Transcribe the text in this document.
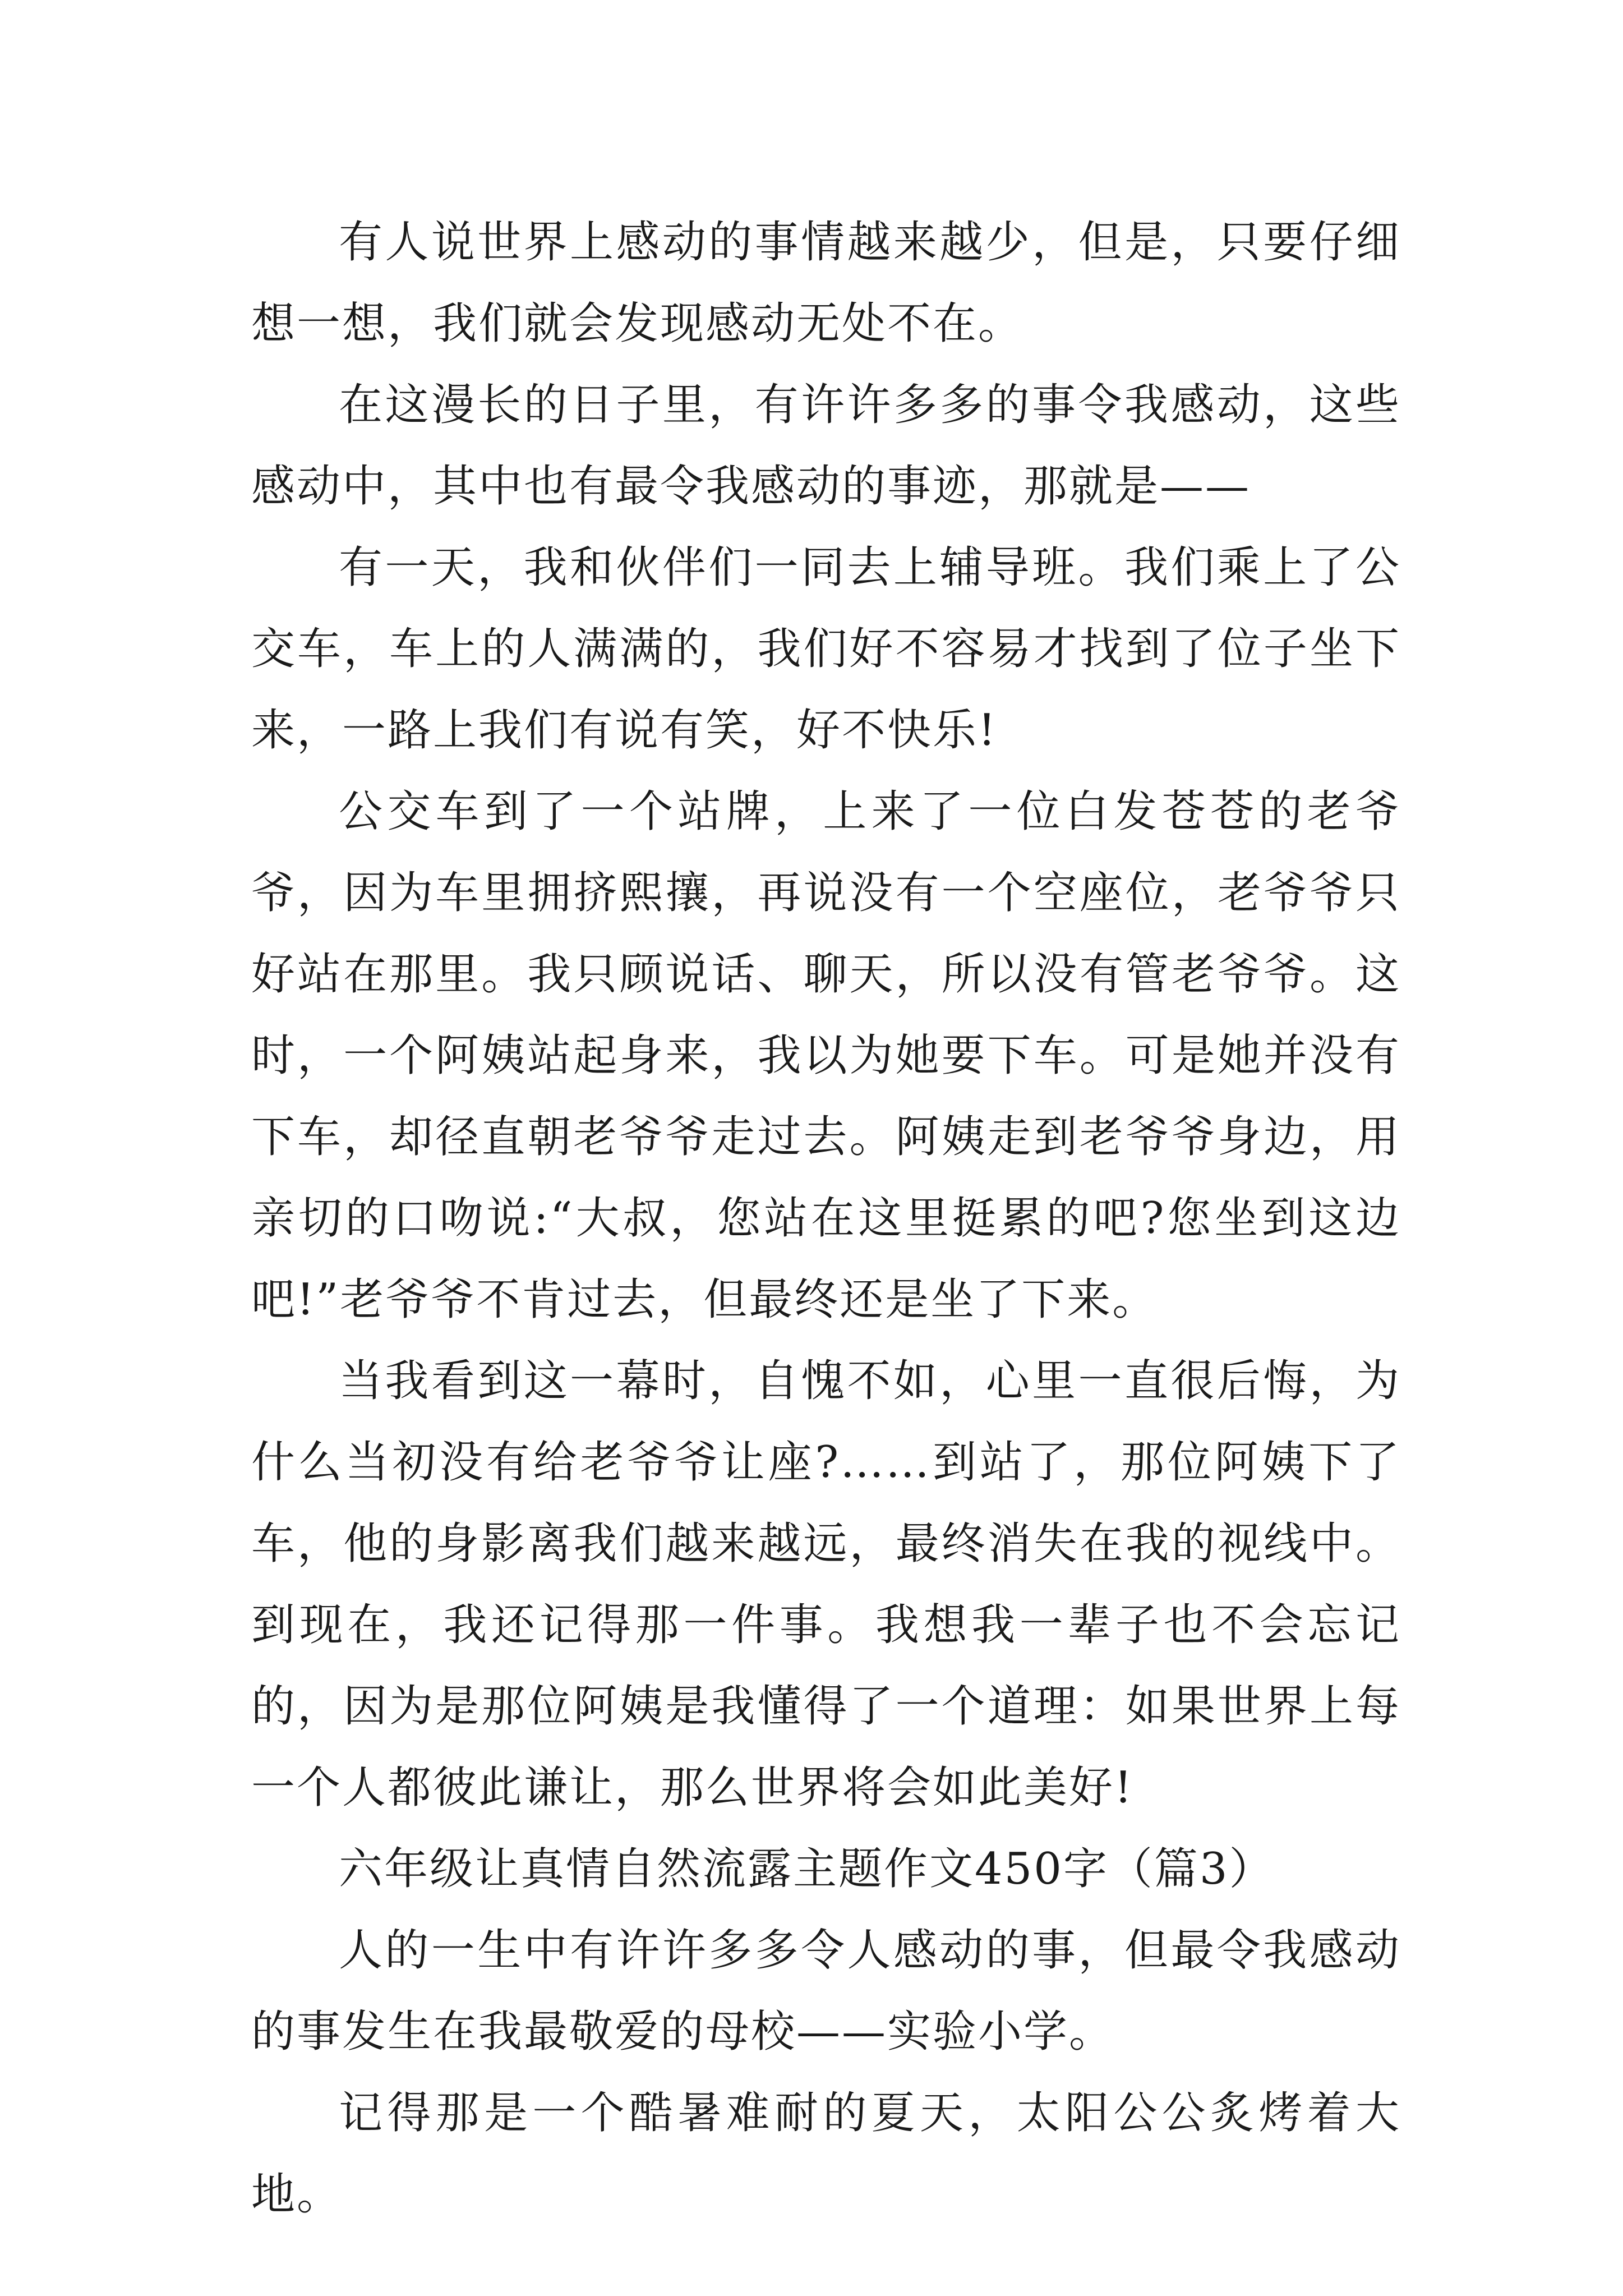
有人说世界上感动的事情越来越少，但是，只要仔细想一想，我们就会发现感动无处不在。

在这漫长的日子里，有许许多多的事令我感动，这些感动中，其中也有最令我感动的事迹，那就是——

有一天，我和伙伴们一同去上辅导班。我们乘上了公交车，车上的人满满的，我们好不容易才找到了位子坐下来，一路上我们有说有笑，好不快乐!

公交车到了一个站牌，上来了一位白发苍苍的老爷爷，因为车里拥挤熙攘，再说没有一个空座位，老爷爷只好站在那里。我只顾说话、聊天，所以没有管老爷爷。这时，一个阿姨站起身来，我以为她要下车。可是她并没有下车，却径直朝老爷爷走过去。阿姨走到老爷爷身边，用亲切的口吻说:“大叔，您站在这里挺累的吧?您坐到这边吧!”老爷爷不肯过去，但最终还是坐了下来。

当我看到这一幕时，自愧不如，心里一直很后悔，为什么当初没有给老爷爷让座?……到站了，那位阿姨下了车，他的身影离我们越来越远，最终消失在我的视线中。到现在，我还记得那一件事。我想我一辈子也不会忘记的，因为是那位阿姨是我懂得了一个道理：如果世界上每一个人都彼此谦让，那么世界将会如此美好!

六年级让真情自然流露主题作文450字（篇3）

人的一生中有许许多多令人感动的事，但最令我感动的事发生在我最敬爱的母校——实验小学。

记得那是一个酷暑难耐的夏天，太阳公公炙烤着大地。
